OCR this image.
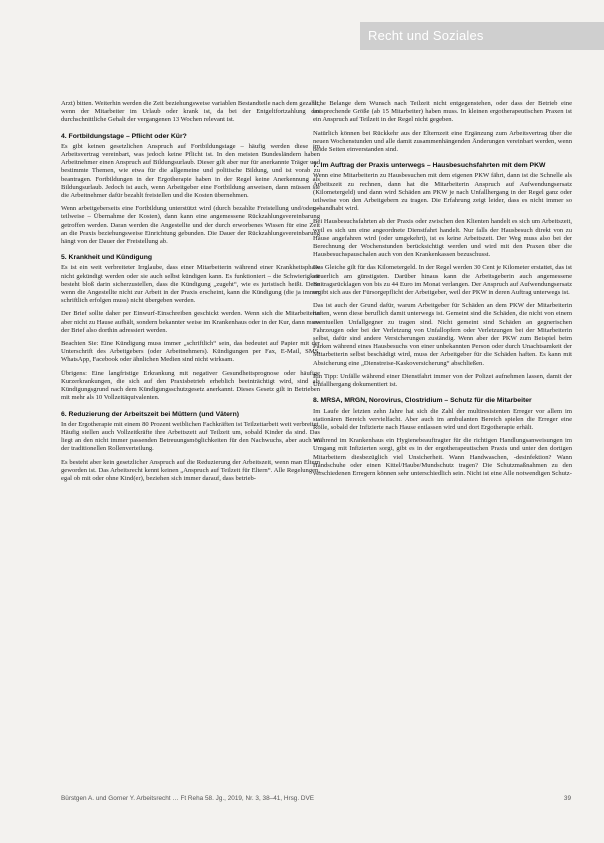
Recht und Soziales

Arzt) bitten. Weiterhin werden die Zeit beziehungsweise variablen Bestandteile nach dem gezahlt, wenn der Mitarbeiter im Urlaub oder krank ist, da bei der Entgeltfortzahlung das durchschnittliche Gehalt der vergangenen 13 Wochen relevant ist.

4. Fortbildungstage – Pflicht oder Kür?

Es gibt keinen gesetzlichen Anspruch auf Fortbildungstage – häufig werden diese im Arbeitsvertrag vereinbart, was jedoch keine Pflicht ist. In den meisten Bundesländern haben Arbeitnehmer einen Anspruch auf Bildungsurlaub. Dieser gilt aber nur für anerkannte Träger und bestimmte Themen, wie etwa für die allgemeine und politische Bildung, und ist vorab zu beantragen. Fortbildungen in der Ergotherapie haben in der Regel keine Anerkennung als Bildungsurlaub. Jedoch ist auch, wenn Arbeitgeber eine Fortbildung anweisen, dann müssen sie die Arbeitnehmer dafür bezahlt freistellen und die Kosten übernehmen.

Wenn arbeitgeberseits eine Fortbildung unterstützt wird (durch bezahlte Freistellung und/oder – teilweise – Übernahme der Kosten), dann kann eine angemessene Rückzahlungsvereinbarung getroffen werden. Daran werden die Angestellte und der durch erworbenes Wissen für eine Zeit an die Praxis beziehungsweise Einrichtung gebunden. Die Dauer der Rückzahlungsvereinbarung hängt von der Dauer der Freistellung ab.

5. Krankheit und Kündigung

Es ist ein weit verbreiteter Irrglaube, dass einer Mitarbeiterin während einer Krankheitsphase nicht gekündigt werden oder sie auch selbst kündigen kann. Es funktioniert – die Schwierigkeit besteht bloß darin sicherzustellen, dass die Kündigung „zugeht“, wie es juristisch heißt. Denn wenn die Angestellte nicht zur Arbeit in der Praxis erscheint, kann die Kündigung (die ja immer schriftlich erfolgen muss) nicht übergeben werden.

Der Brief sollte daher per Einwurf-Einschreiben geschickt werden. Wenn sich die Mitarbeiterin aber nicht zu Hause aufhält, sondern bekannter weise im Krankenhaus oder in der Kur, dann muss der Brief also dorthin adressiert werden.

Beachten Sie: Eine Kündigung muss immer „schriftlich“ sein, das bedeutet auf Papier mit der Unterschrift des Arbeitgebers (oder Arbeitnehmers). Kündigungen per Fax, E-Mail, SMS, WhatsApp, Facebook oder ähnlichen Medien sind nicht wirksam.

Übrigens: Eine langfristige Erkrankung mit negativer Gesundheitsprognose oder häufige Kurzerkrankungen, die sich auf den Praxisbetrieb erheblich beeinträchtigt wird, sind als Kündigungsgrund nach dem Kündigungsschutzgesetz anerkannt. Dieses Gesetz gilt in Betrieben mit mehr als 10 Vollzeitäquivalenten.

6. Reduzierung der Arbeitszeit bei Müttern (und Vätern)

In der Ergotherapie mit einem 80 Prozent weiblichen Fachkräften ist Teilzeitarbeit weit verbreitet. Häufig stellen auch Vollzeitkräfte ihre Arbeitszeit auf Teilzeit um, sobald Kinder da sind. Das liegt an den nicht immer passenden Betreuungsmöglichkeiten für den Nachwuchs, aber auch an der traditionellen Rollenverteilung.

Es besteht aber kein gesetzlicher Anspruch auf die Reduzierung der Arbeitszeit, wenn man Eltern geworden ist. Das Arbeitsrecht kennt keinen „Anspruch auf Teilzeit für Eltern“. Alle Regelungen, egal ob mit oder ohne Kind(er), beziehen sich immer darauf, dass betrieb-

liche Belange dem Wunsch nach Teilzeit nicht entgegenstehen, oder dass der Betrieb eine entsprechende Größe (ab 15 Mitarbeiter) haben muss. In kleinen ergotherapeutischen Praxen ist ein Anspruch auf Teilzeit in der Regel nicht gegeben.

Natürlich können bei Rückkehr aus der Elternzeit eine Ergänzung zum Arbeitsvertrag über die neuen Wochenstunden und alle damit zusammenhängenden Änderungen vereinbart werden, wenn beide Seiten einverstanden sind.

7. Im Auftrag der Praxis unterwegs – Hausbesuchsfahrten mit dem PKW

Wenn eine Mitarbeiterin zu Hausbesuchen mit dem eigenen PKW fährt, dann ist die Schnelle als Arbeitszeit zu rechnen, dann hat die Mitarbeiterin Anspruch auf Aufwendungsersatz (Kilometergeld) und dann wird Schäden am PKW je nach Unfallhergang in der Regel ganz oder teilweise von den Arbeitgebern zu tragen. Die Erfahrung zeigt leider, dass es nicht immer so gehandhabt wird.

Bei Hausbesuchsfahrten ab der Praxis oder zwischen den Klienten handelt es sich um Arbeitszeit, weil es sich um eine angeordnete Dienstfahrt handelt. Nur falls der Hausbesuch direkt von zu Hause angefahren wird (oder umgekehrt), ist es keine Arbeitszeit. Der Weg muss also bei der Berechnung der Wochenstunden berücksichtigt werden und wird mit den Praxen über die Hausbesuchspauschalen auch von den Krankenkassen bezuschusst.

Das Gleiche gilt für das Kilometergeld. In der Regel werden 30 Cent je Kilometer erstattet, das ist steuerlich am günstigsten. Darüber hinaus kann die Arbeitsgeberin auch angemessene Beitragsrücklagen von bis zu 44 Euro im Monat verlangen. Der Anspruch auf Aufwendungsersatz ergibt sich aus der Fürsorgepflicht der Arbeitgeber, weil der PKW in deren Auftrag unterwegs ist.

Das ist auch der Grund dafür, warum Arbeitgeber für Schäden an dem PKW der Mitarbeiterin haften, wenn diese beruflich damit unterwegs ist. Gemeint sind die Schäden, die nicht von einem eventuellen Unfallgegner zu tragen sind. Nicht gemeint sind Schäden an gegnerischen Fahrzeugen oder bei der Verletzung von Unfallopfern oder Verletzungen bei der Mitarbeiterin selbst, dafür sind andere Versicherungen zuständig. Wenn aber der PKW zum Beispiel beim Parken während eines Hausbesuchs von einer unbekannten Person oder durch Unachtsamkeit der Mitarbeiterin selbst beschädigt wird, muss der Arbeitgeber für die Schäden haften. Es kann mit Absicherung eine „Dienstreise-Kaskoversicherung“ abschließen.

Ein Tipp: Unfälle während einer Dienstfahrt immer von der Polizei aufnehmen lassen, damit der Unfallhergang dokumentiert ist.

8. MRSA, MRGN, Norovirus, Clostridium – Schutz für die Mitarbeiter

Im Laufe der letzten zehn Jahre hat sich die Zahl der multiresistenten Erreger vor allem im stationären Bereich vervielfacht. Aber auch im ambulanten Bereich spielen die Erreger eine Rolle, sobald der Infizierte nach Hause entlassen wird und dort Ergotherapie erhält.

Während im Krankenhaus ein Hygienebeauftragter für die richtigen Handlungsanweisungen im Umgang mit Infizierten sorgt, gibt es in der ergotherapeutischen Praxis und unter den dortigen Mitarbeitern diesbezüglich viel Unsicherheit. Wann Handwaschen, -desinfektion? Wann Handschuhe oder einen Kittel/Haube/Mundschutz tragen? Die Schutzmaßnahmen zu den verschiedenen Erregern können sehr unterschiedlich sein. Nicht ist eine Alle notwendigen Schutz-

Bürstgen A. und Gorner Y. Arbeitsrecht … Ft Reha 58. Jg., 2019, Nr. 3, 38–41, Hrsg. DVE	39
